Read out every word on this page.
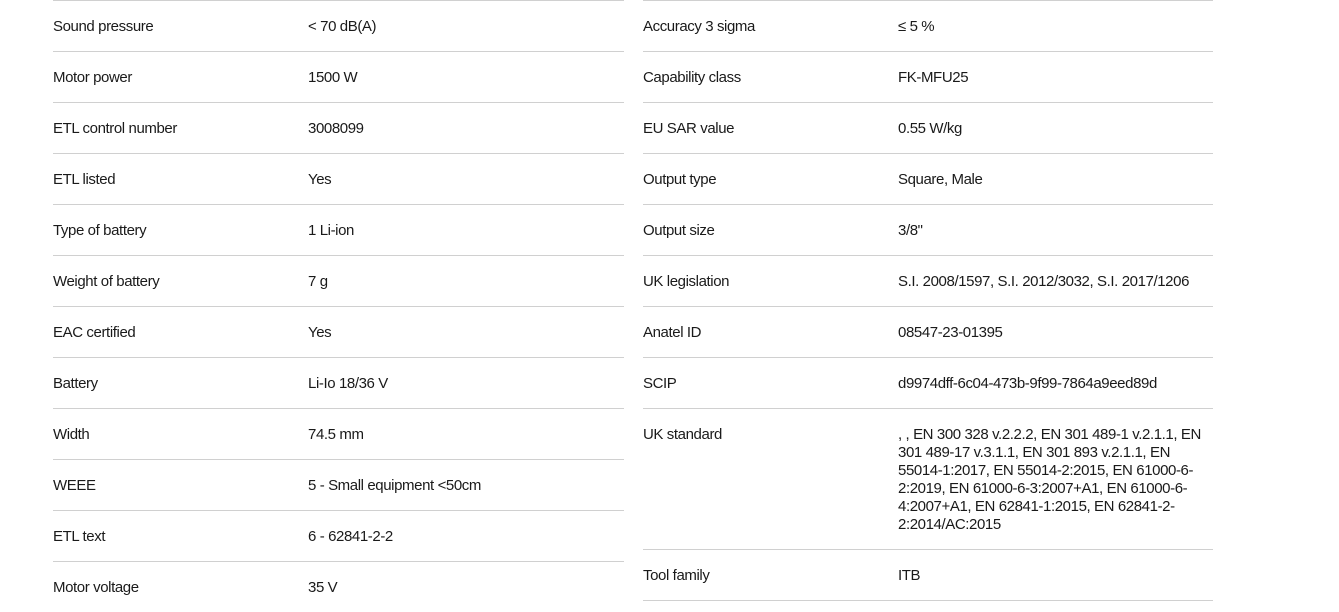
Sound pressure	< 70 dB(A)
Motor power	1500 W
ETL control number	3008099
ETL listed	Yes
Type of battery	1 Li-ion
Weight of battery	7 g
EAC certified	Yes
Battery	Li-Io 18/36 V
Width	74.5 mm
WEEE	5 - Small equipment <50cm
ETL text	6 - 62841-2-2
Motor voltage	35 V
Accuracy 3 sigma	≤ 5 %
Capability class	FK-MFU25
EU SAR value	0.55 W/kg
Output type	Square, Male
Output size	3/8"
UK legislation	S.I. 2008/1597, S.I. 2012/3032, S.I. 2017/1206
Anatel ID	08547-23-01395
SCIP	d9974dff-6c04-473b-9f99-7864a9eed89d
UK standard	, , EN 300 328 v.2.2.2, EN 301 489-1 v.2.1.1, EN 301 489-17 v.3.1.1, EN 301 893 v.2.1.1, EN 55014-1:2017, EN 55014-2:2015, EN 61000-6-2:2019, EN 61000-6-3:2007+A1, EN 61000-6-4:2007+A1, EN 62841-1:2015, EN 62841-2-2:2014/AC:2015
Tool family	ITB
